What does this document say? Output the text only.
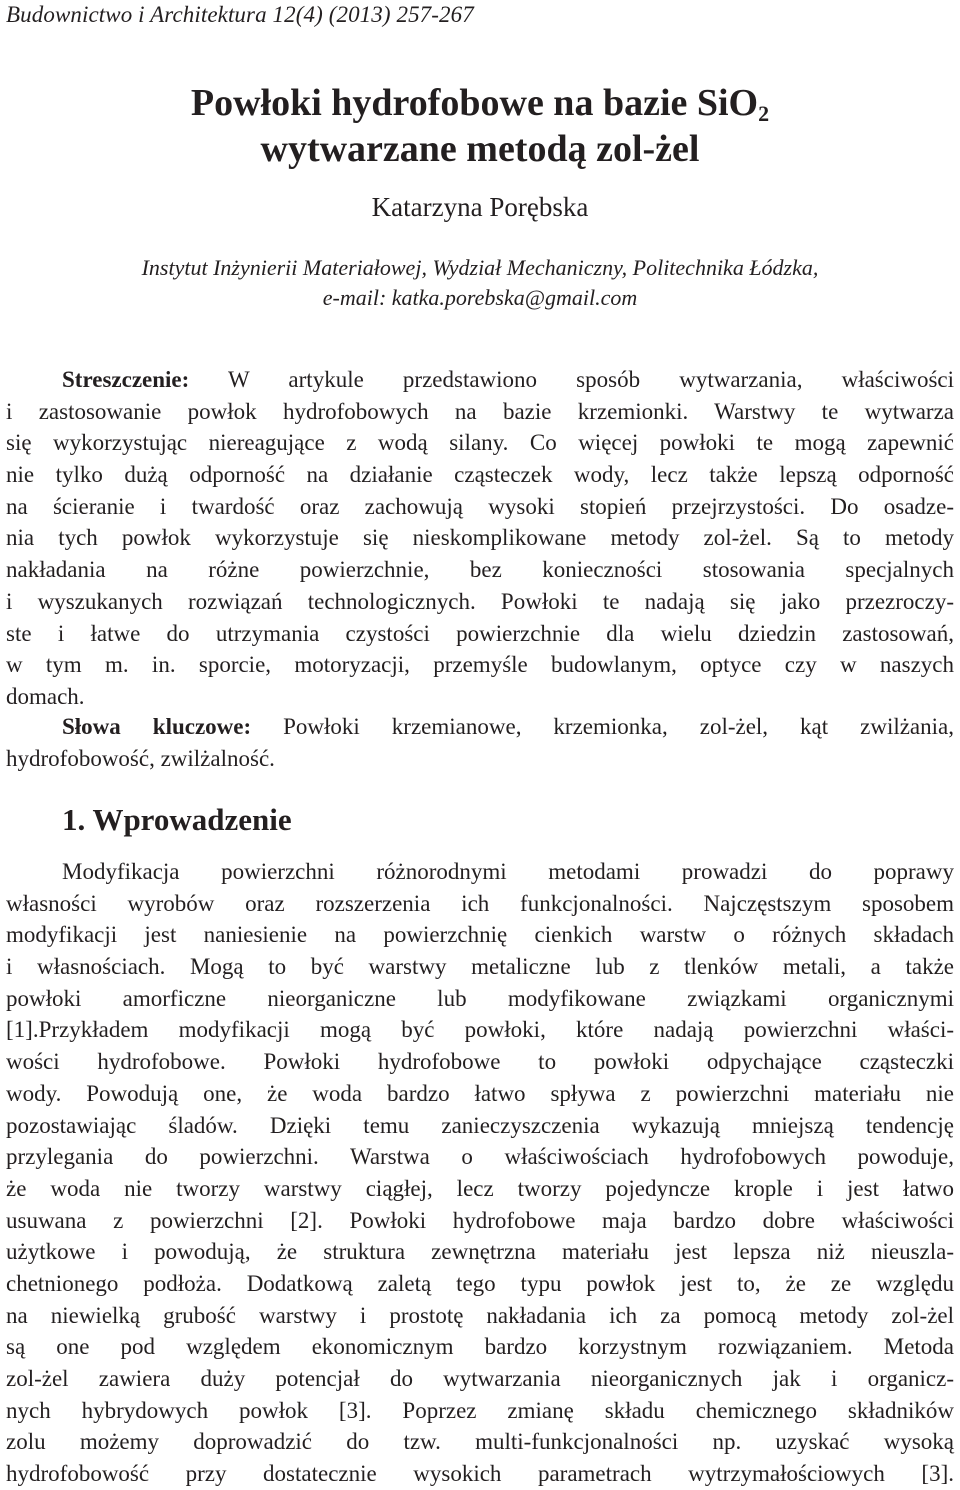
Budownictwo i Architektura 12(4) (2013) 257-267
Powłoki hydrofobowe na bazie SiO$_2$
wytwarzane metodą zol-żel
Katarzyna Porębska
Instytut Inżynierii Materiałowej, Wydział Mechaniczny, Politechnika Łódzka,
e-mail: katka.porebska@gmail.com
Streszczenie: W artykule przedstawiono sposób wytwarzania, właściwości
i zastosowanie powłok hydrofobowych na bazie krzemionki. Warstwy te wytwarza
się wykorzystując niereagujące z wodą silany. Co więcej powłoki te mogą zapewnić
nie tylko dużą odporność na działanie cząsteczek wody, lecz także lepszą odporność
na ścieranie i twardość oraz zachowują wysoki stopień przejrzystości. Do osadze-
nia tych powłok wykorzystuje się nieskomplikowane metody zol-żel. Są to metody
nakładania na różne powierzchnie, bez konieczności stosowania specjalnych
i wyszukanych rozwiązań technologicznych. Powłoki te nadają się jako przezroczy-
ste i łatwe do utrzymania czystości powierzchnie dla wielu dziedzin zastosowań,
w tym m. in. sporcie, motoryzacji, przemyśle budowlanym, optyce czy w naszych
domach.
Słowa kluczowe: Powłoki krzemianowe, krzemionka, zol-żel, kąt zwilżania,
hydrofobowość, zwilżalność.
1. Wprowadzenie
Modyfikacja powierzchni różnorodnymi metodami prowadzi do poprawy
własności wyrobów oraz rozszerzenia ich funkcjonalności. Najczęstszym sposobem
modyfikacji jest naniesienie na powierzchnię cienkich warstw o różnych składach
i własnościach. Mogą to być warstwy metaliczne lub z tlenków metali, a także
powłoki amorficzne nieorganiczne lub modyfikowane związkami organicznymi
[1].Przykładem modyfikacji mogą być powłoki, które nadają powierzchni właści-
wości hydrofobowe. Powłoki hydrofobowe to powłoki odpychające cząsteczki
wody. Powodują one, że woda bardzo łatwo spływa z powierzchni materiału nie
pozostawiając śladów. Dzięki temu zanieczyszczenia wykazują mniejszą tendencję
przylegania do powierzchni. Warstwa o właściwościach hydrofobowych powoduje,
że woda nie tworzy warstwy ciągłej, lecz tworzy pojedyncze krople i jest łatwo
usuwana z powierzchni [2]. Powłoki hydrofobowe maja bardzo dobre właściwości
użytkowe i powodują, że struktura zewnętrzna materiału jest lepsza niż nieuszla-
chetnionego podłoża. Dodatkową zaletą tego typu powłok jest to, że ze względu
na niewielką grubość warstwy i prostotę nakładania ich za pomocą metody zol-żel
są one pod względem ekonomicznym bardzo korzystnym rozwiązaniem. Metoda
zol-żel zawiera duży potencjał do wytwarzania nieorganicznych jak i organicz-
nych hybrydowych powłok [3]. Poprzez zmianę składu chemicznego składników
zolu możemy doprowadzić do tzw. multi-funkcjonalności np. uzyskać wysoką
hydrofobowość przy dostatecznie wysokich parametrach wytrzymałościowych [3].
